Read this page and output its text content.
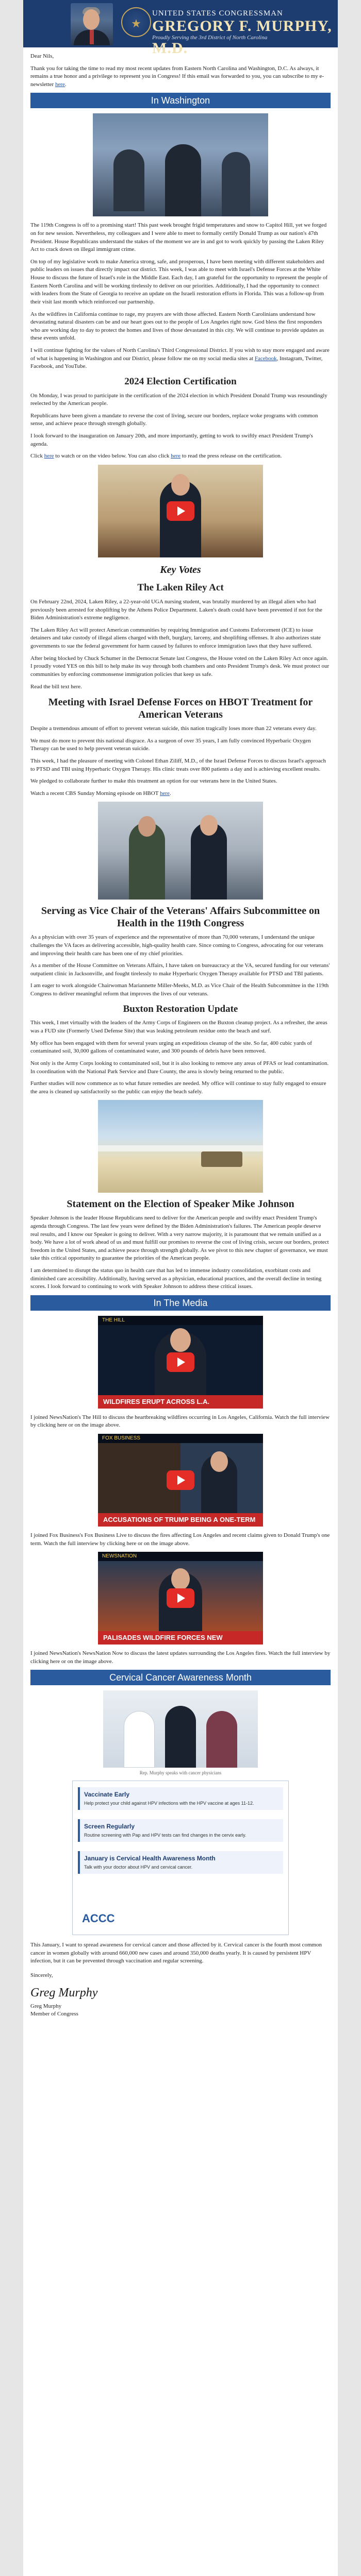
★
UNITED STATES CONGRESSMAN
GREGORY F. MURPHY, M.D.
Proudly Serving the 3rd District of North Carolina

Dear Nils,

Thank you for taking the time to read my most recent updates from Eastern North Carolina and Washington, D.C. As always, it remains a true honor and a privilege to represent you in Congress! If this email was forwarded to you, you can subscribe to my e-newsletter here.

In Washington

The 119th Congress is off to a promising start! This past week brought frigid temperatures and snow to Capitol Hill, yet we forged on for new session. Nevertheless, my colleagues and I were able to meet to formally certify Donald Trump as our nation's 47th President. House Republicans understand the stakes of the moment we are in and got to work quickly by passing the Laken Riley Act to crack down on illegal immigrant crime.

On top of my legislative work to make America strong, safe, and prosperous, I have been meeting with different stakeholders and public leaders on issues that directly impact our district. This week, I was able to meet with Israel's Defense Forces at the White House to discuss the future of Israel's role in the Middle East. Each day, I am grateful for the opportunity to represent the people of Eastern North Carolina and will be working tirelessly to deliver on our priorities. Additionally, I had the opportunity to connect with leaders from the State of Georgia to receive an update on the Israeli restoration efforts in Florida. This was a follow-up from their visit last month which reinforced our partnership.

As the wildfires in California continue to rage, my prayers are with those affected. Eastern North Carolinians understand how devastating natural disasters can be and our heart goes out to the people of Los Angeles right now. God bless the first responders who are working day to day to protect the homes and lives of those devastated in this city. We will continue to provide updates as these events unfold.

I will continue fighting for the values of North Carolina's Third Congressional District. If you wish to stay more engaged and aware of what is happening in Washington and our District, please follow me on my social media sites at Facebook, Instagram, Twitter, Facebook, and YouTube.

2024 Election Certification

On Monday, I was proud to participate in the certification of the 2024 election in which President Donald Trump was resoundingly reelected by the American people.

Republicans have been given a mandate to reverse the cost of living, secure our borders, replace woke programs with common sense, and achieve peace through strength globally.

I look forward to the inauguration on January 20th, and more importantly, getting to work to swiftly enact President Trump's agenda.

Click here to watch or on the video below. You can also click here to read the press release on the certification.

Key Votes
The Laken Riley Act

On February 22nd, 2024, Laken Riley, a 22-year-old UGA nursing student, was brutally murdered by an illegal alien who had previously been arrested for shoplifting by the Athens Police Department. Laken's death could have been prevented if not for the Biden Administration's extreme negligence.

The Laken Riley Act will protect American communities by requiring Immigration and Customs Enforcement (ICE) to issue detainers and take custody of illegal aliens charged with theft, burglary, larceny, and shoplifting offenses. It also authorizes state governments to sue the federal government for harm caused by failures to enforce immigration laws that they have suffered.

After being blocked by Chuck Schumer in the Democrat Senate last Congress, the House voted on the Laken Riley Act once again. I proudly voted YES on this bill to help make its way through both chambers and onto President Trump's desk. We must protect our communities by enforcing commonsense immigration policies that keep us safe.

Read the bill text here.

Meeting with Israel Defense Forces on HBOT Treatment for American Veterans

Despite a tremendous amount of effort to prevent veteran suicide, this nation tragically loses more than 22 veterans every day.

We must do more to prevent this national disgrace. As a surgeon of over 35 years, I am fully convinced Hyperbaric Oxygen Therapy can be used to help prevent veteran suicide.

This week, I had the pleasure of meeting with Colonel Ethan Ziliff, M.D., of the Israel Defense Forces to discuss Israel's approach to PTSD and TBI using Hyperbaric Oxygen Therapy. His clinic treats over 800 patients a day and is achieving excellent results.

We pledged to collaborate further to make this treatment an option for our veterans here in the United States.

Watch a recent CBS Sunday Morning episode on HBOT here.

Serving as Vice Chair of the Veterans' Affairs Subcommittee on Health in the 119th Congress

As a physician with over 35 years of experience and the representative of more than 70,000 veterans, I understand the unique challenges the VA faces as delivering accessible, high-quality health care. Since coming to Congress, advocating for our veterans and improving their health care has been one of my chief priorities.

As a member of the House Committee on Veterans Affairs, I have taken on bureaucracy at the VA, secured funding for our veterans' outpatient clinic in Jacksonville, and fought tirelessly to make Hyperbaric Oxygen Therapy available for PTSD and TBI patients.

I am eager to work alongside Chairwoman Mariannette Miller-Meeks, M.D. as Vice Chair of the Health Subcommittee in the 119th Congress to deliver meaningful reform that improves the lives of our veterans.

Buxton Restoration Update

This week, I met virtually with the leaders of the Army Corps of Engineers on the Buxton cleanup project. As a refresher, the areas was a FUD site (Formerly Used Defense Site) that was leaking petroleum residue onto the beach and surf.

My office has been engaged with them for several years urging an expeditious cleanup of the site. So far, 400 cubic yards of contaminated soil, 30,000 gallons of contaminated water, and 300 pounds of debris have been removed.

Not only is the Army Corps looking to contaminated soil, but it is also looking to remove any areas of PFAS or lead contamination. In coordination with the National Park Service and Dare County, the area is slowly being returned to the public.

Further studies will now commence as to what future remedies are needed. My office will continue to stay fully engaged to ensure the area is cleaned up satisfactorily so the public can enjoy the beach safely.

Statement on the Election of Speaker Mike Johnson

Speaker Johnson is the leader House Republicans need to deliver for the American people and swiftly enact President Trump's agenda through Congress. The last few years were defined by the Biden Administration's failures. The American people deserve real results, and I know our Speaker is going to deliver. With a very narrow majority, it is paramount that we remain unified as a body. We have a lot of work ahead of us and must fulfill our promises to reverse the cost of living crisis, secure our borders, protect freedom in the United States, and achieve peace through strength globally. As we pivot to this new chapter of governance, we must take this critical opportunity to guarantee the priorities of the American people.

I am determined to disrupt the status quo in health care that has led to immense industry consolidation, exorbitant costs and diminished care accessibility. Additionally, having served as a physician, educational practices, and the overall decline in testing scores. I look forward to continuing to work with Speaker Johnson to address these critical issues.

In The Media
THE HILL
WILDFIRES ERUPT ACROSS L.A.

I joined NewsNation's The Hill to discuss the heartbreaking wildfires occurring in Los Angeles, California. Watch the full interview by clicking here or on the image above.

FOX BUSINESS
ACCUSATIONS OF TRUMP BEING A ONE-TERM

I joined Fox Business's Fox Business Live to discuss the fires affecting Los Angeles and recent claims given to Donald Trump's one term. Watch the full interview by clicking here or on the image above.

NEWSNATION
PALISADES WILDFIRE FORCES NEW

I joined NewsNation's NewsNation Now to discuss the latest updates surrounding the Los Angeles fires. Watch the full interview by clicking here or on the image above.

Cervical Cancer Awareness Month
Rep. Murphy speaks with cancer physicians
Vaccinate Early
Help protect your child against HPV infections with the HPV vaccine at ages 11-12.
Screen Regularly
Routine screening with Pap and HPV tests can find changes in the cervix early.
January is Cervical Health Awareness Month
Talk with your doctor about HPV and cervical cancer.
ACCC

This January, I want to spread awareness for cervical cancer and those affected by it. Cervical cancer is the fourth most common cancer in women globally with around 660,000 new cases and around 350,000 deaths yearly. It is caused by persistent HPV infection, but it can be prevented through vaccination and regular screening.

Sincerely,

Greg Murphy
Greg Murphy
Member of Congress
